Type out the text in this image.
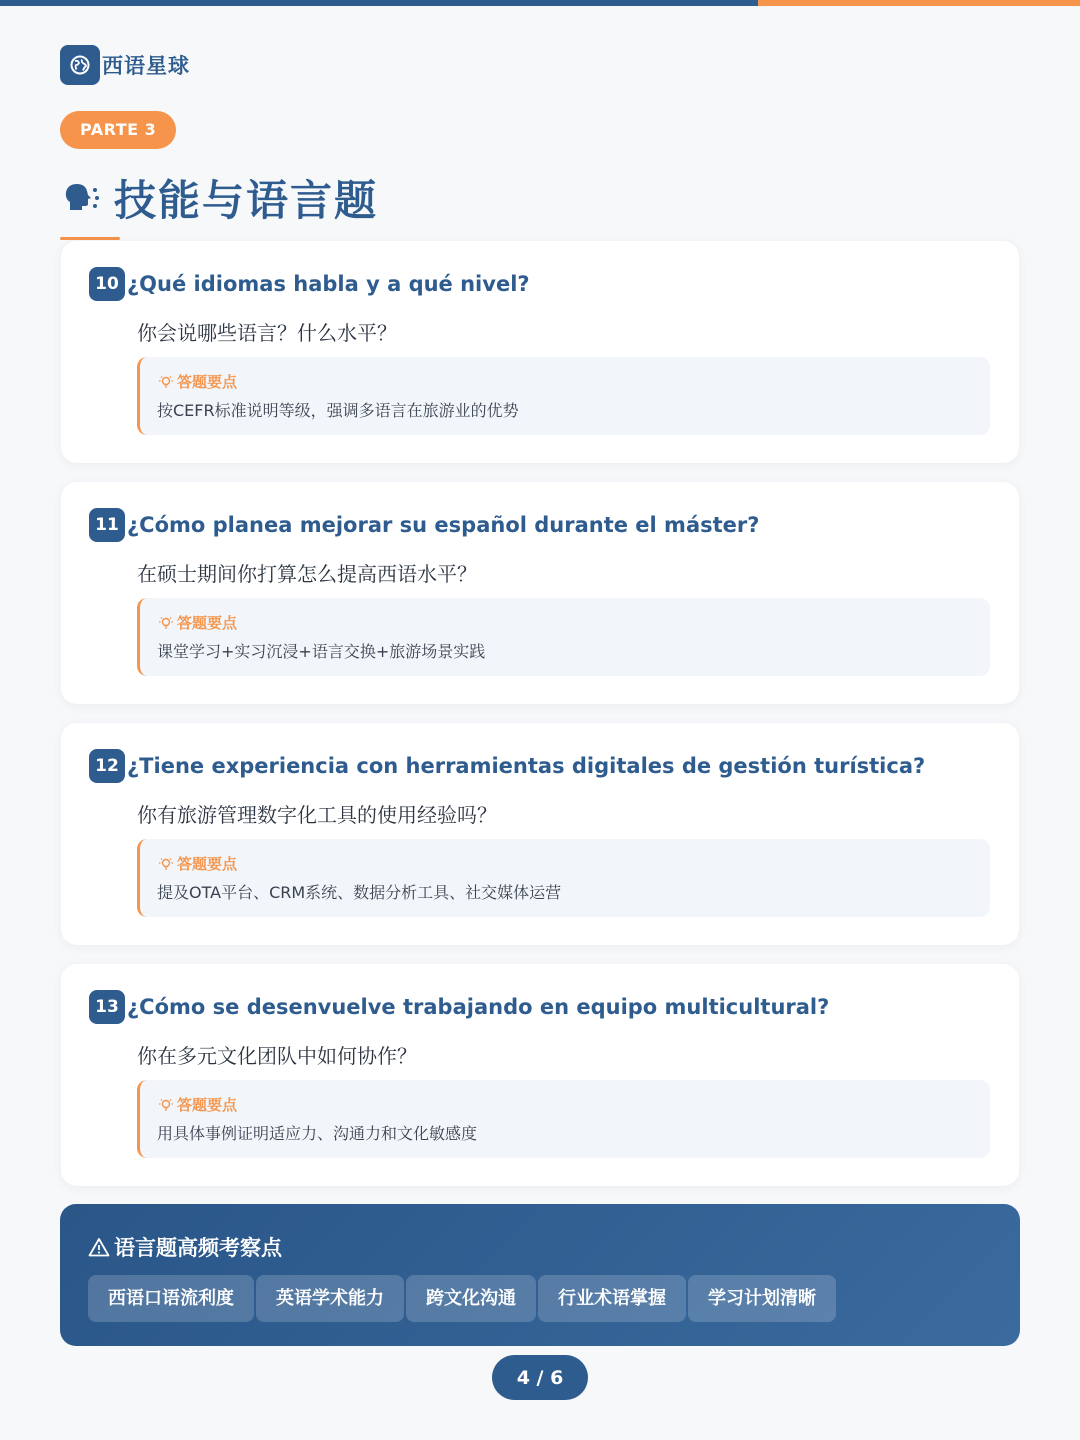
西语星球
PARTE 3
技能与语言题
10 ¿Qué idiomas habla y a qué nivel?
你会说哪些语言？什么水平？
答题要点
按CEFR标准说明等级，强调多语言在旅游业的优势
11 ¿Cómo planea mejorar su español durante el máster?
在硕士期间你打算怎么提高西语水平？
答题要点
课堂学习+实习沉浸+语言交换+旅游场景实践
12 ¿Tiene experiencia con herramientas digitales de gestión turística?
你有旅游管理数字化工具的使用经验吗？
答题要点
提及OTA平台、CRM系统、数据分析工具、社交媒体运营
13 ¿Cómo se desenvuelve trabajando en equipo multicultural?
你在多元文化团队中如何协作？
答题要点
用具体事例证明适应力、沟通力和文化敏感度
语言题高频考察点
西语口语流利度	英语学术能力	跨文化沟通	行业术语掌握	学习计划清晰
4 / 6
